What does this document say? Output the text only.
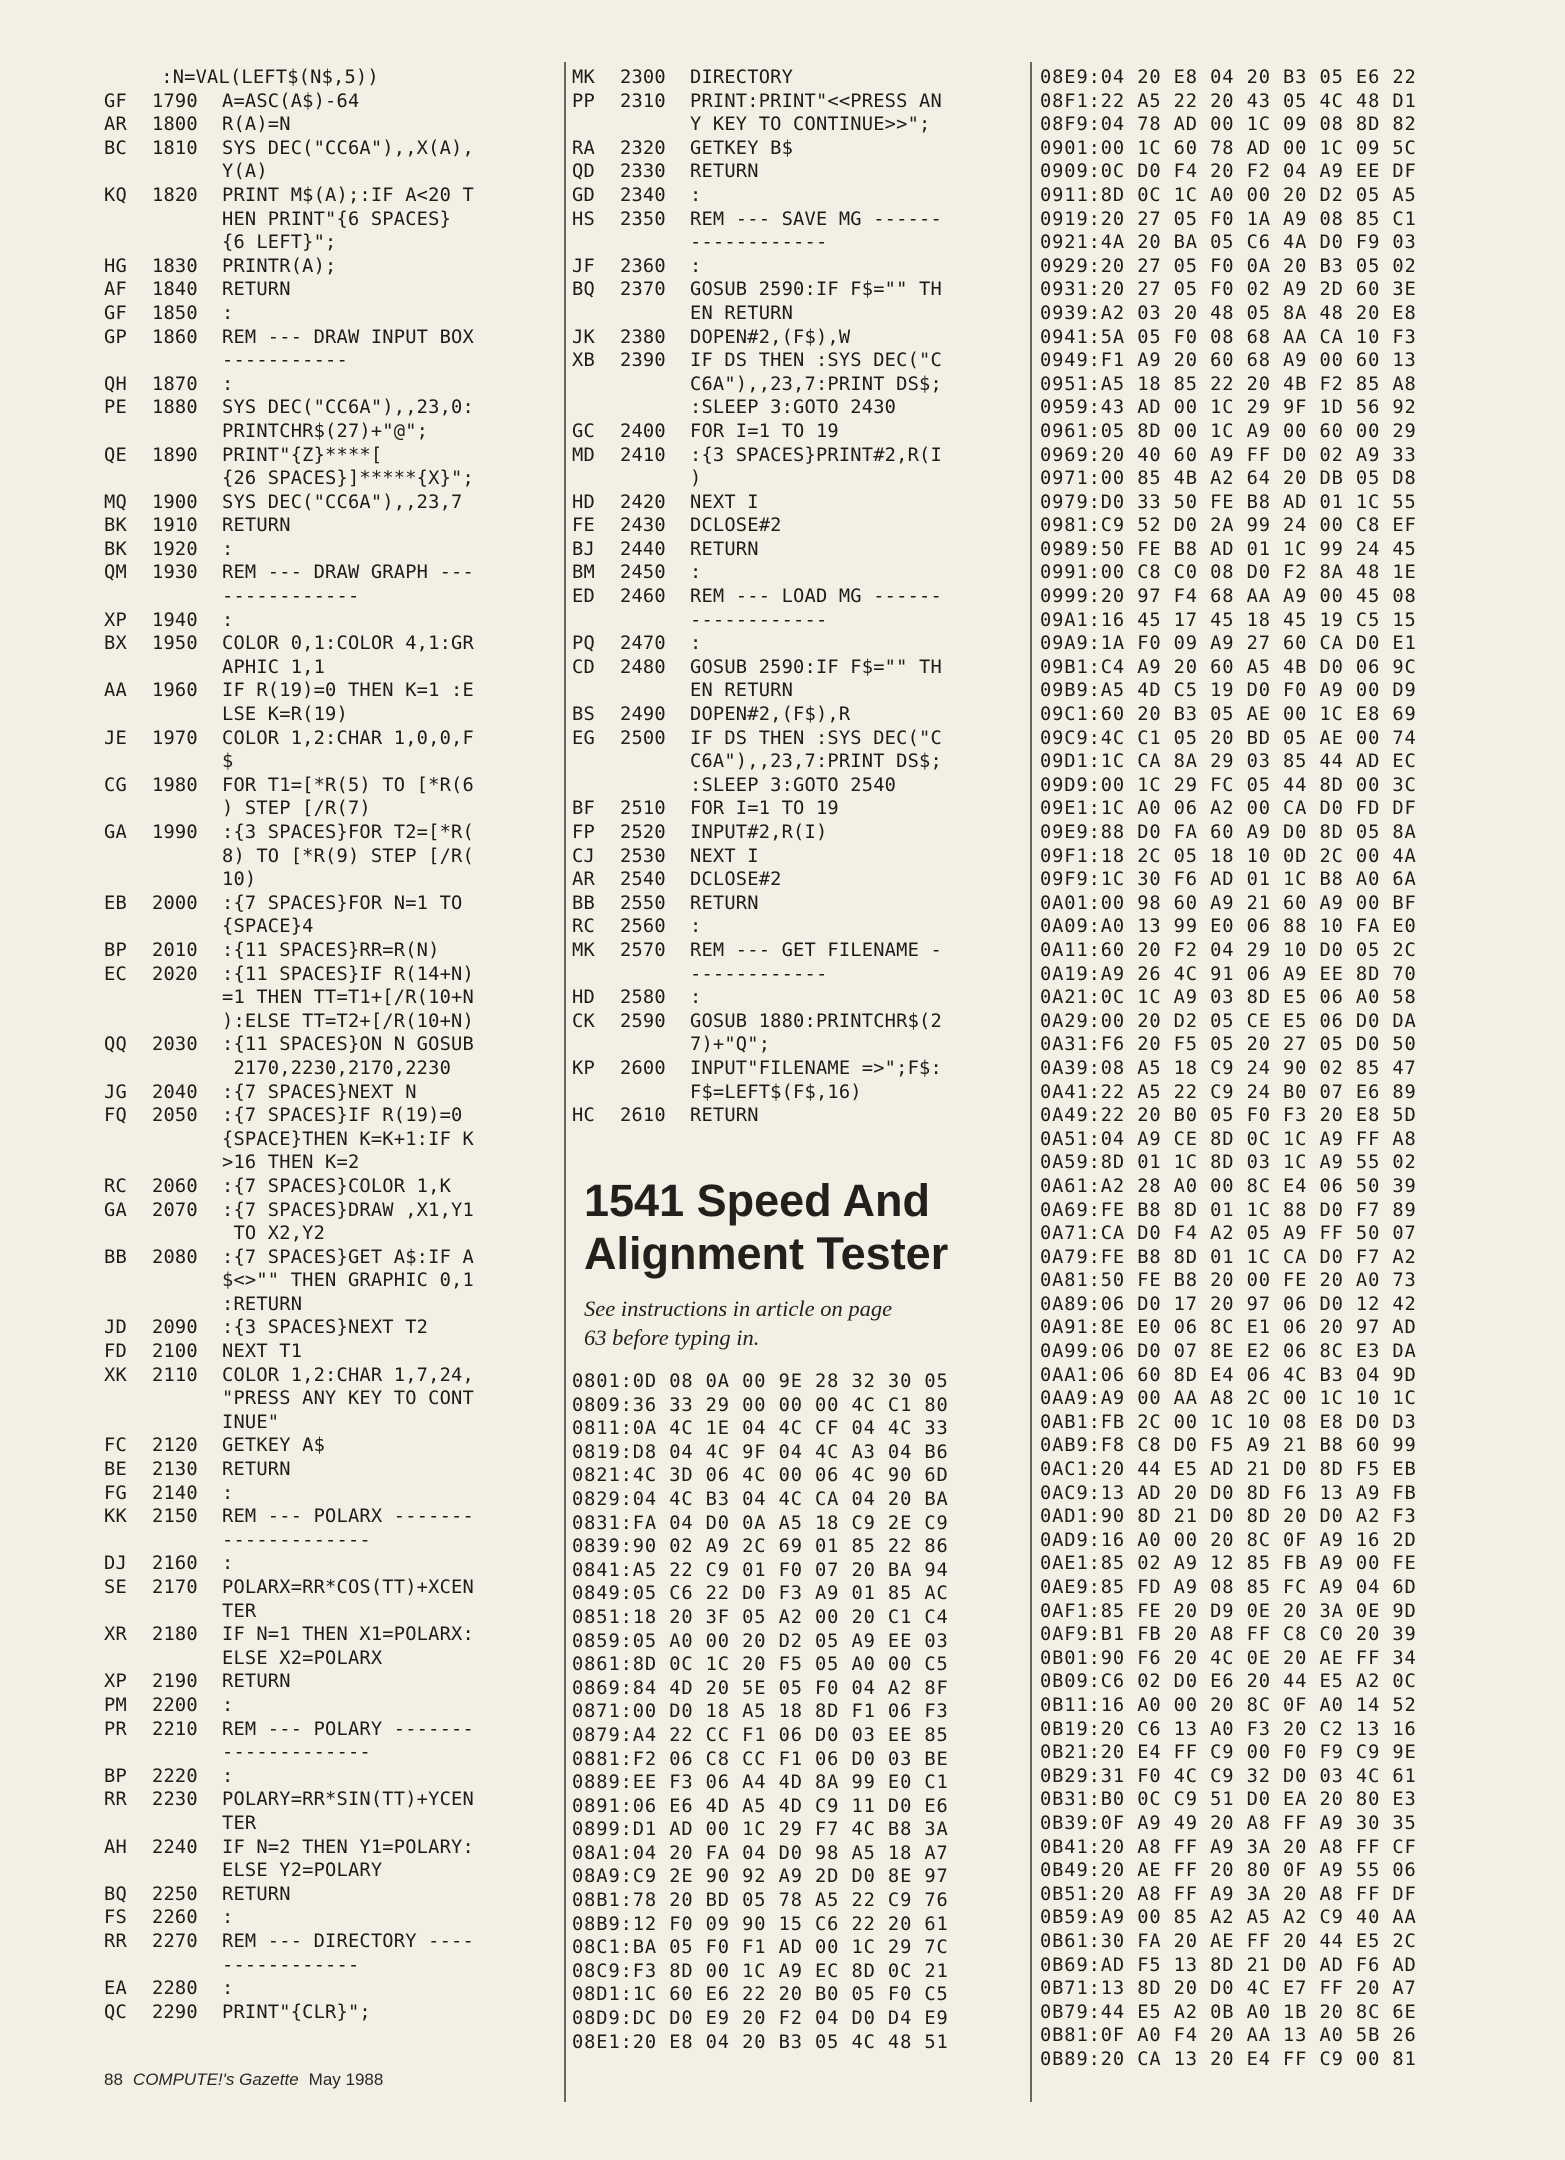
:N=VAL(LEFT$(N$,5))
GF	1790	A=ASC(A$)-64
AR	1800	R(A)=N
BC	1810	SYS DEC("CC6A"),,X(A),
Y(A)
KQ	1820	PRINT M$(A);:IF A<20 T
HEN PRINT"{6 SPACES}
{6 LEFT}";
HG	1830	PRINTR(A);
AF	1840	RETURN
GF	1850	:
GP	1860	REM --- DRAW INPUT BOX
-----------
QH	1870	:
PE	1880	SYS DEC("CC6A"),,23,0:
PRINTCHR$(27)+"@";
QE	1890	PRINT"{Z}****[
{26 SPACES}]*****{X}";
MQ	1900	SYS DEC("CC6A"),,23,7
BK	1910	RETURN
BK	1920	:
QM	1930	REM --- DRAW GRAPH ---
------------
XP	1940	:
BX	1950	COLOR 0,1:COLOR 4,1:GR
APHIC 1,1
AA	1960	IF R(19)=0 THEN K=1 :E
LSE K=R(19)
JE	1970	COLOR 1,2:CHAR 1,0,0,F
$
CG	1980	FOR T1=[*R(5) TO [*R(6
) STEP [/R(7)
GA	1990	:{3 SPACES}FOR T2=[*R(
8) TO [*R(9) STEP [/R(
10)
EB	2000	:{7 SPACES}FOR N=1 TO
{SPACE}4
BP	2010	:{11 SPACES}RR=R(N)
EC	2020	:{11 SPACES}IF R(14+N)
=1 THEN TT=T1+[/R(10+N
):ELSE TT=T2+[/R(10+N)
QQ	2030	:{11 SPACES}ON N GOSUB
2170,2230,2170,2230
JG	2040	:{7 SPACES}NEXT N
FQ	2050	:{7 SPACES}IF R(19)=0
{SPACE}THEN K=K+1:IF K
>16 THEN K=2
RC	2060	:{7 SPACES}COLOR 1,K
GA	2070	:{7 SPACES}DRAW ,X1,Y1
TO X2,Y2
BB	2080	:{7 SPACES}GET A$:IF A
$<>"" THEN GRAPHIC 0,1
:RETURN
JD	2090	:{3 SPACES}NEXT T2
FD	2100	NEXT T1
XK	2110	COLOR 1,2:CHAR 1,7,24,
"PRESS ANY KEY TO CONT
INUE"
FC	2120	GETKEY A$
BE	2130	RETURN
FG	2140	:
KK	2150	REM --- POLARX -------
-------------
DJ	2160	:
SE	2170	POLARX=RR*COS(TT)+XCEN
TER
XR	2180	IF N=1 THEN X1=POLARX:
ELSE X2=POLARX
XP	2190	RETURN
PM	2200	:
PR	2210	REM --- POLARY -------
-------------
BP	2220	:
RR	2230	POLARY=RR*SIN(TT)+YCEN
TER
AH	2240	IF N=2 THEN Y1=POLARY:
ELSE Y2=POLARY
BQ	2250	RETURN
FS	2260	:
RR	2270	REM --- DIRECTORY ----
------------
EA	2280	:
QC	2290	PRINT"{CLR}";
MK	2300	DIRECTORY
PP	2310	PRINT:PRINT"<<PRESS AN
Y KEY TO CONTINUE>>";
RA	2320	GETKEY B$
QD	2330	RETURN
GD	2340	:
HS	2350	REM --- SAVE MG ------
------------
JF	2360	:
BQ	2370	GOSUB 2590:IF F$="" TH
EN RETURN
JK	2380	DOPEN#2,(F$),W
XB	2390	IF DS THEN :SYS DEC("C
C6A"),,23,7:PRINT DS$;
:SLEEP 3:GOTO 2430
GC	2400	FOR I=1 TO 19
MD	2410	:{3 SPACES}PRINT#2,R(I
)
HD	2420	NEXT I
FE	2430	DCLOSE#2
BJ	2440	RETURN
BM	2450	:
ED	2460	REM --- LOAD MG ------
------------
PQ	2470	:
CD	2480	GOSUB 2590:IF F$="" TH
EN RETURN
BS	2490	DOPEN#2,(F$),R
EG	2500	IF DS THEN :SYS DEC("C
C6A"),,23,7:PRINT DS$;
:SLEEP 3:GOTO 2540
BF	2510	FOR I=1 TO 19
FP	2520	INPUT#2,R(I)
CJ	2530	NEXT I
AR	2540	DCLOSE#2
BB	2550	RETURN
RC	2560	:
MK	2570	REM --- GET FILENAME -
------------
HD	2580	:
CK	2590	GOSUB 1880:PRINTCHR$(2
7)+"Q";
KP	2600	INPUT"FILENAME =>";F$:
F$=LEFT$(F$,16)
HC	2610	RETURN
1541 Speed And
Alignment Tester

See instructions in article on page
63 before typing in.

0801:0D 08 0A 00 9E 28 32 30 05
0809:36 33 29 00 00 00 4C C1 80
0811:0A 4C 1E 04 4C CF 04 4C 33
0819:D8 04 4C 9F 04 4C A3 04 B6
0821:4C 3D 06 4C 00 06 4C 90 6D
0829:04 4C B3 04 4C CA 04 20 BA
0831:FA 04 D0 0A A5 18 C9 2E C9
0839:90 02 A9 2C 69 01 85 22 86
0841:A5 22 C9 01 F0 07 20 BA 94
0849:05 C6 22 D0 F3 A9 01 85 AC
0851:18 20 3F 05 A2 00 20 C1 C4
0859:05 A0 00 20 D2 05 A9 EE 03
0861:8D 0C 1C 20 F5 05 A0 00 C5
0869:84 4D 20 5E 05 F0 04 A2 8F
0871:00 D0 18 A5 18 8D F1 06 F3
0879:A4 22 CC F1 06 D0 03 EE 85
0881:F2 06 C8 CC F1 06 D0 03 BE
0889:EE F3 06 A4 4D 8A 99 E0 C1
0891:06 E6 4D A5 4D C9 11 D0 E6
0899:D1 AD 00 1C 29 F7 4C B8 3A
08A1:04 20 FA 04 D0 98 A5 18 A7
08A9:C9 2E 90 92 A9 2D D0 8E 97
08B1:78 20 BD 05 78 A5 22 C9 76
08B9:12 F0 09 90 15 C6 22 20 61
08C1:BA 05 F0 F1 AD 00 1C 29 7C
08C9:F3 8D 00 1C A9 EC 8D 0C 21
08D1:1C 60 E6 22 20 B0 05 F0 C5
08D9:DC D0 E9 20 F2 04 D0 D4 E9
08E1:20 E8 04 20 B3 05 4C 48 51
08E9:04 20 E8 04 20 B3 05 E6 22
08F1:22 A5 22 20 43 05 4C 48 D1
08F9:04 78 AD 00 1C 09 08 8D 82
0901:00 1C 60 78 AD 00 1C 09 5C
0909:0C D0 F4 20 F2 04 A9 EE DF
0911:8D 0C 1C A0 00 20 D2 05 A5
0919:20 27 05 F0 1A A9 08 85 C1
0921:4A 20 BA 05 C6 4A D0 F9 03
0929:20 27 05 F0 0A 20 B3 05 02
0931:20 27 05 F0 02 A9 2D 60 3E
0939:A2 03 20 48 05 8A 48 20 E8
0941:5A 05 F0 08 68 AA CA 10 F3
0949:F1 A9 20 60 68 A9 00 60 13
0951:A5 18 85 22 20 4B F2 85 A8
0959:43 AD 00 1C 29 9F 1D 56 92
0961:05 8D 00 1C A9 00 60 00 29
0969:20 40 60 A9 FF D0 02 A9 33
0971:00 85 4B A2 64 20 DB 05 D8
0979:D0 33 50 FE B8 AD 01 1C 55
0981:C9 52 D0 2A 99 24 00 C8 EF
0989:50 FE B8 AD 01 1C 99 24 45
0991:00 C8 C0 08 D0 F2 8A 48 1E
0999:20 97 F4 68 AA A9 00 45 08
09A1:16 45 17 45 18 45 19 C5 15
09A9:1A F0 09 A9 27 60 CA D0 E1
09B1:C4 A9 20 60 A5 4B D0 06 9C
09B9:A5 4D C5 19 D0 F0 A9 00 D9
09C1:60 20 B3 05 AE 00 1C E8 69
09C9:4C C1 05 20 BD 05 AE 00 74
09D1:1C CA 8A 29 03 85 44 AD EC
09D9:00 1C 29 FC 05 44 8D 00 3C
09E1:1C A0 06 A2 00 CA D0 FD DF
09E9:88 D0 FA 60 A9 D0 8D 05 8A
09F1:18 2C 05 18 10 0D 2C 00 4A
09F9:1C 30 F6 AD 01 1C B8 A0 6A
0A01:00 98 60 A9 21 60 A9 00 BF
0A09:A0 13 99 E0 06 88 10 FA E0
0A11:60 20 F2 04 29 10 D0 05 2C
0A19:A9 26 4C 91 06 A9 EE 8D 70
0A21:0C 1C A9 03 8D E5 06 A0 58
0A29:00 20 D2 05 CE E5 06 D0 DA
0A31:F6 20 F5 05 20 27 05 D0 50
0A39:08 A5 18 C9 24 90 02 85 47
0A41:22 A5 22 C9 24 B0 07 E6 89
0A49:22 20 B0 05 F0 F3 20 E8 5D
0A51:04 A9 CE 8D 0C 1C A9 FF A8
0A59:8D 01 1C 8D 03 1C A9 55 02
0A61:A2 28 A0 00 8C E4 06 50 39
0A69:FE B8 8D 01 1C 88 D0 F7 89
0A71:CA D0 F4 A2 05 A9 FF 50 07
0A79:FE B8 8D 01 1C CA D0 F7 A2
0A81:50 FE B8 20 00 FE 20 A0 73
0A89:06 D0 17 20 97 06 D0 12 42
0A91:8E E0 06 8C E1 06 20 97 AD
0A99:06 D0 07 8E E2 06 8C E3 DA
0AA1:06 60 8D E4 06 4C B3 04 9D
0AA9:A9 00 AA A8 2C 00 1C 10 1C
0AB1:FB 2C 00 1C 10 08 E8 D0 D3
0AB9:F8 C8 D0 F5 A9 21 B8 60 99
0AC1:20 44 E5 AD 21 D0 8D F5 EB
0AC9:13 AD 20 D0 8D F6 13 A9 FB
0AD1:90 8D 21 D0 8D 20 D0 A2 F3
0AD9:16 A0 00 20 8C 0F A9 16 2D
0AE1:85 02 A9 12 85 FB A9 00 FE
0AE9:85 FD A9 08 85 FC A9 04 6D
0AF1:85 FE 20 D9 0E 20 3A 0E 9D
0AF9:B1 FB 20 A8 FF C8 C0 20 39
0B01:90 F6 20 4C 0E 20 AE FF 34
0B09:C6 02 D0 E6 20 44 E5 A2 0C
0B11:16 A0 00 20 8C 0F A0 14 52
0B19:20 C6 13 A0 F3 20 C2 13 16
0B21:20 E4 FF C9 00 F0 F9 C9 9E
0B29:31 F0 4C C9 32 D0 03 4C 61
0B31:B0 0C C9 51 D0 EA 20 80 E3
0B39:0F A9 49 20 A8 FF A9 30 35
0B41:20 A8 FF A9 3A 20 A8 FF CF
0B49:20 AE FF 20 80 0F A9 55 06
0B51:20 A8 FF A9 3A 20 A8 FF DF
0B59:A9 00 85 A2 A5 A2 C9 40 AA
0B61:30 FA 20 AE FF 20 44 E5 2C
0B69:AD F5 13 8D 21 D0 AD F6 AD
0B71:13 8D 20 D0 4C E7 FF 20 A7
0B79:44 E5 A2 0B A0 1B 20 8C 6E
0B81:0F A0 F4 20 AA 13 A0 5B 26
0B89:20 CA 13 20 E4 FF C9 00 81
88 COMPUTE!'s Gazette May 1988
